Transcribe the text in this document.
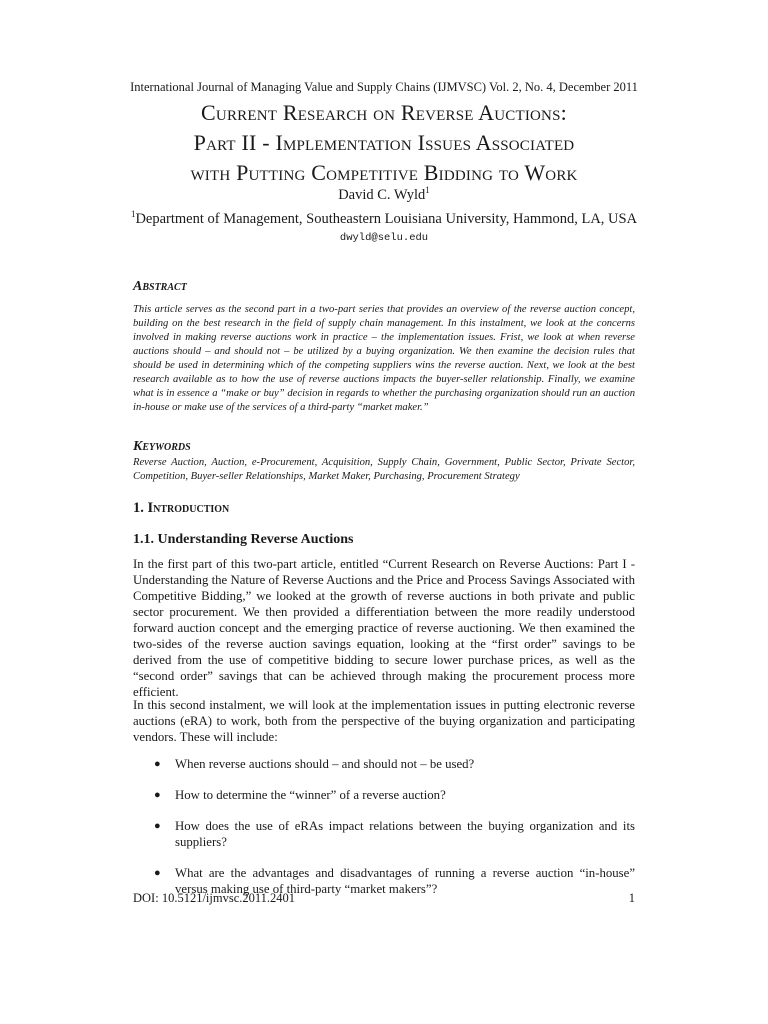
International Journal of Managing Value and Supply Chains (IJMVSC) Vol. 2, No. 4, December 2011
Current Research on Reverse Auctions:
Part II - Implementation Issues Associated
with Putting Competitive Bidding to Work
David C. Wyld$^1$
$^1$Department of Management, Southeastern Louisiana University, Hammond, LA, USA
dwyld@selu.edu
Abstract
This article serves as the second part in a two-part series that provides an overview of the reverse auction concept, building on the best research in the field of supply chain management. In this instalment, we look at the concerns involved in making reverse auctions work in practice – the implementation issues. Frist, we look at when reverse auctions should – and should not – be utilized by a buying organization. We then examine the decision rules that should be used in determining which of the competing suppliers wins the reverse auction. Next, we look at the best research available as to how the use of reverse auctions impacts the buyer-seller relationship. Finally, we examine what is in essence a “make or buy” decision in regards to whether the purchasing organization should run an auction in-house or make use of the services of a third-party “market maker.”
Keywords
Reverse Auction, Auction, e-Procurement, Acquisition, Supply Chain, Government, Public Sector, Private Sector, Competition, Buyer-seller Relationships, Market Maker, Purchasing, Procurement Strategy
1. Introduction
1.1. Understanding Reverse Auctions
In the first part of this two-part article, entitled “Current Research on Reverse Auctions: Part I - Understanding the Nature of Reverse Auctions and the Price and Process Savings Associated with Competitive Bidding,” we looked at the growth of reverse auctions in both private and public sector procurement. We then provided a differentiation between the more readily understood forward auction concept and the emerging practice of reverse auctioning. We then examined the two-sides of the reverse auction savings equation, looking at the “first order” savings to be derived from the use of competitive bidding to secure lower purchase prices, as well as the “second order” savings that can be achieved through making the procurement process more efficient.
In this second instalment, we will look at the implementation issues in putting electronic reverse auctions (eRA) to work, both from the perspective of the buying organization and participating vendors. These will include:
● When reverse auctions should – and should not – be used?
● How to determine the “winner” of a reverse auction?
● How does the use of eRAs impact relations between the buying organization and its suppliers?
● What are the advantages and disadvantages of running a reverse auction “in-house” versus making use of third-party “market makers”?
DOI: 10.5121/ijmvsc.2011.2401	1
